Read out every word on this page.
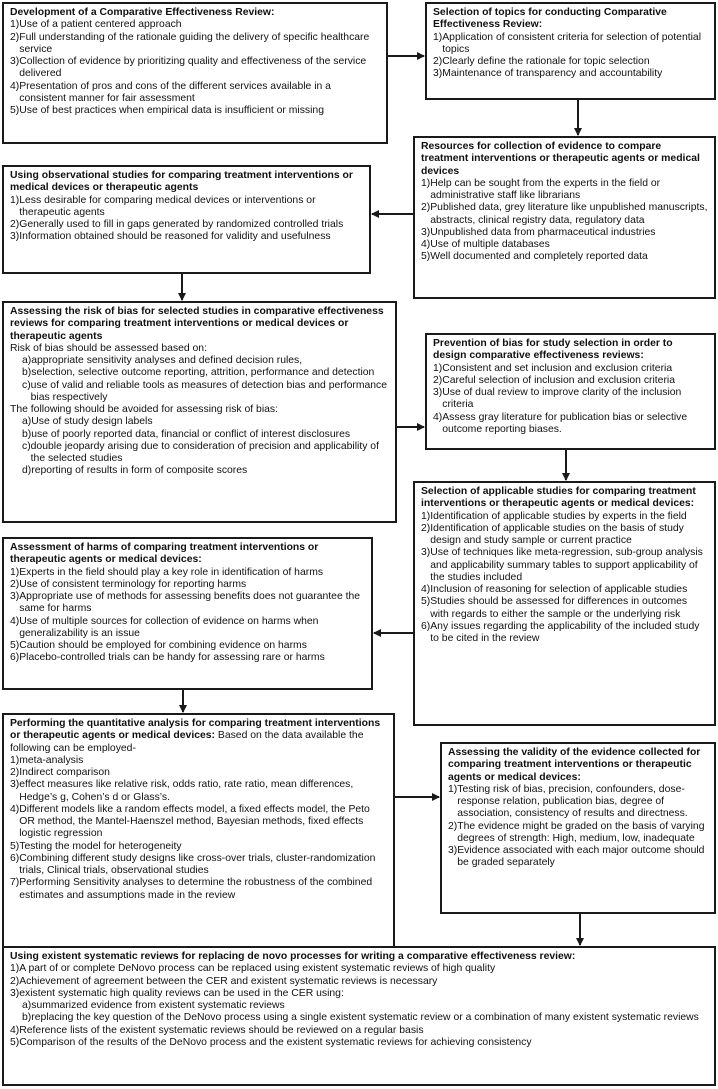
Development of a Comparative Effectiveness Review:
1) Use of a patient centered approach
2) Full understanding of the rationale guiding the delivery of specific healthcare service
3) Collection of evidence by prioritizing quality and effectiveness of the service delivered
4) Presentation of pros and cons of the different services available in a consistent manner for fair assessment
5) Use of best practices when empirical data is insufficient or missing
Selection of topics for conducting Comparative Effectiveness Review:
1) Application of consistent criteria for selection of potential topics
2) Clearly define the rationale for topic selection
3) Maintenance of transparency and accountability
Resources for collection of evidence to compare treatment interventions or therapeutic agents or medical devices
1) Help can be sought from the experts in the field or administrative staff like librarians
2) Published data, grey literature like unpublished manuscripts, abstracts, clinical registry data, regulatory data
3) Unpublished data from pharmaceutical industries
4) Use of multiple databases
5) Well documented and completely reported data
Using observational studies for comparing treatment interventions or medical devices or therapeutic agents
1) Less desirable for comparing medical devices or interventions or therapeutic agents
2) Generally used to fill in gaps generated by randomized controlled trials
3) Information obtained should be reasoned for validity and usefulness
Assessing the risk of bias for selected studies in comparative effectiveness reviews for comparing treatment interventions or medical devices or therapeutic agents
Risk of bias should be assessed based on:
a) appropriate sensitivity analyses and defined decision rules,
b) selection, selective outcome reporting, attrition, performance and detection
c) use of valid and reliable tools as measures of detection bias and performance bias respectively
The following should be avoided for assessing risk of bias:
a) Use of study design labels
b) use of poorly reported data, financial or conflict of interest disclosures
c) double jeopardy arising due to consideration of precision and applicability of the selected studies
d) reporting of results in form of composite scores
Prevention of bias for study selection in order to design comparative effectiveness reviews:
1) Consistent and set inclusion and exclusion criteria
2) Careful selection of inclusion and exclusion criteria
3) Use of dual review to improve clarity of the inclusion criteria
4) Assess gray literature for publication bias or selective outcome reporting biases.
Selection of applicable studies for comparing treatment interventions or therapeutic agents or medical devices:
1) Identification of applicable studies by experts in the field
2) Identification of applicable studies on the basis of study design and study sample or current practice
3) Use of techniques like meta-regression, sub-group analysis and applicability summary tables to support applicability of the studies included
4) Inclusion of reasoning for selection of applicable studies
5) Studies should be assessed for differences in outcomes with regards to either the sample or the underlying risk
6) Any issues regarding the applicability of the included study to be cited in the review
Assessment of harms of comparing treatment interventions or therapeutic agents or medical devices:
1) Experts in the field should play a key role in identification of harms
2) Use of consistent terminology for reporting harms
3) Appropriate use of methods for assessing benefits does not guarantee the same for harms
4) Use of multiple sources for collection of evidence on harms when generalizability is an issue
5) Caution should be employed for combining evidence on harms
6) Placebo-controlled trials can be handy for assessing rare or harms
Performing the quantitative analysis for comparing treatment interventions or therapeutic agents or medical devices: Based on the data available the following can be employed-
1) meta-analysis
2) Indirect comparison
3) effect measures like relative risk, odds ratio, rate ratio, mean differences, Hedge’s g, Cohen’s d or Glass’s.
4) Different models like a random effects model, a fixed effects model, the Peto OR method, the Mantel-Haenszel method, Bayesian methods, fixed effects logistic regression
5) Testing the model for heterogeneity
6) Combining different study designs like cross-over trials, cluster-randomization trials, Clinical trials, observational studies
7) Performing Sensitivity analyses to determine the robustness of the combined estimates and assumptions made in the review
Assessing the validity of the evidence collected for comparing treatment interventions or therapeutic agents or medical devices:
1) Testing risk of bias, precision, confounders, dose-response relation, publication bias, degree of association, consistency of results and directness.
2) The evidence might be graded on the basis of varying degrees of strength: High, medium, low, inadequate
3) Evidence associated with each major outcome should be graded separately
Using existent systematic reviews for replacing de novo processes for writing a comparative effectiveness review:
1) A part of or complete DeNovo process can be replaced using existent systematic reviews of high quality
2) Achievement of agreement between the CER and existent systematic reviews is necessary
3) existent systematic high quality reviews can be used in the CER using:
a) summarized evidence from existent systematic reviews
b) replacing the key question of the DeNovo process using a single existent systematic review or a combination of many existent systematic reviews
4) Reference lists of the existent systematic reviews should be reviewed on a regular basis
5) Comparison of the results of the DeNovo process and the existent systematic reviews for achieving consistency
